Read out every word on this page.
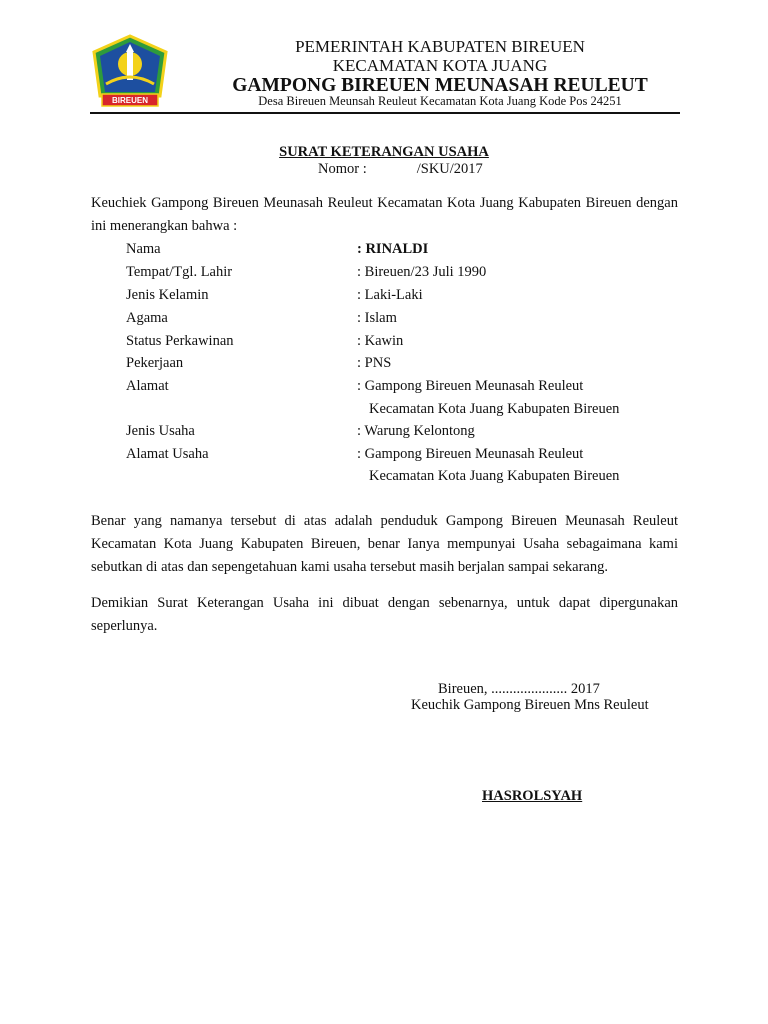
BIREUEN
PEMERINTAH KABUPATEN BIREUEN
KECAMATAN KOTA JUANG
GAMPONG BIREUEN MEUNASAH REULEUT
Desa Bireuen Meunsah Reuleut Kecamatan Kota Juang Kode Pos 24251
SURAT KETERANGAN USAHA
Nomor :	/SKU/2017
Keuchiek Gampong Bireuen Meunasah Reuleut Kecamatan Kota Juang Kabupaten Bireuen dengan ini menerangkan bahwa :
Nama	: RINALDI
Tempat/Tgl. Lahir	: Bireuen/23 Juli 1990
Jenis Kelamin	: Laki-Laki
Agama	: Islam
Status Perkawinan	: Kawin
Pekerjaan	: PNS
Alamat	: Gampong Bireuen Meunasah Reuleut
Kecamatan Kota Juang Kabupaten Bireuen
Jenis Usaha	: Warung Kelontong
Alamat Usaha	: Gampong Bireuen Meunasah Reuleut
Kecamatan Kota Juang Kabupaten Bireuen
Benar yang namanya tersebut di atas adalah penduduk Gampong Bireuen Meunasah Reuleut Kecamatan Kota Juang Kabupaten Bireuen, benar Ianya mempunyai Usaha sebagaimana kami sebutkan di atas dan sepengetahuan kami usaha tersebut masih berjalan sampai sekarang.
Demikian Surat Keterangan Usaha ini dibuat dengan sebenarnya, untuk dapat dipergunakan seperlunya.
Bireuen, ..................... 2017
Keuchik Gampong Bireuen Mns Reuleut
HASROLSYAH
